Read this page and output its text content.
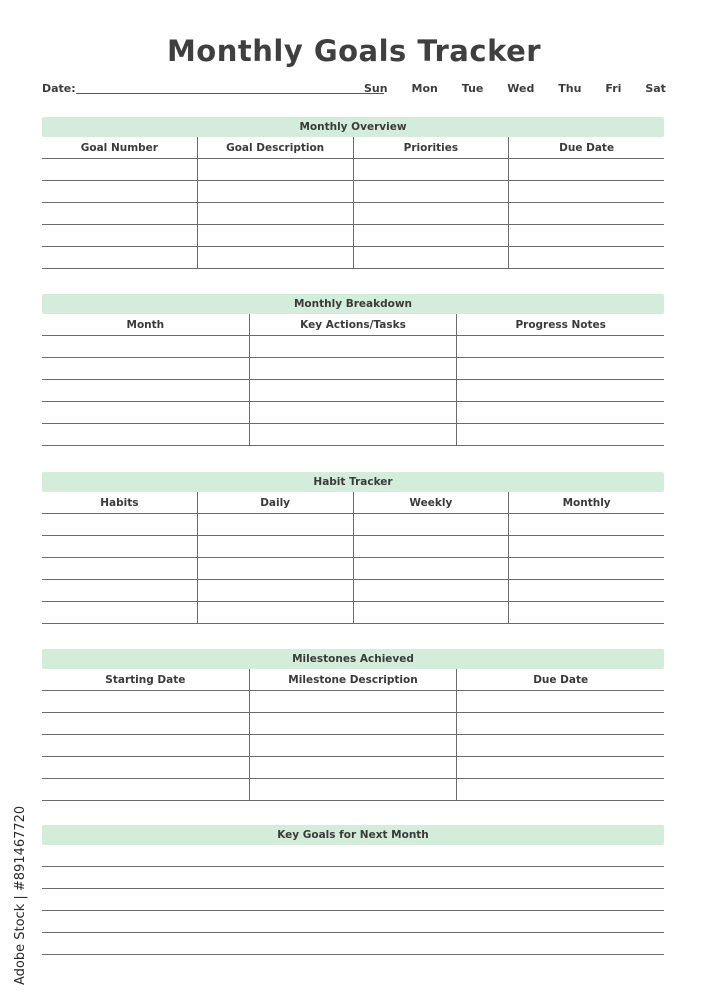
Monthly Goals Tracker
Date:	Sun Mon Tue Wed Thu Fri Sat
Monthly Overview
Goal Number	Goal Description	Priorities	Due Date
Monthly Breakdown
Month	Key Actions/Tasks	Progress Notes
Habit Tracker
Habits	Daily	Weekly	Monthly
Milestones Achieved
Starting Date	Milestone Description	Due Date
Key Goals for Next Month
Adobe Stock | #891467720
